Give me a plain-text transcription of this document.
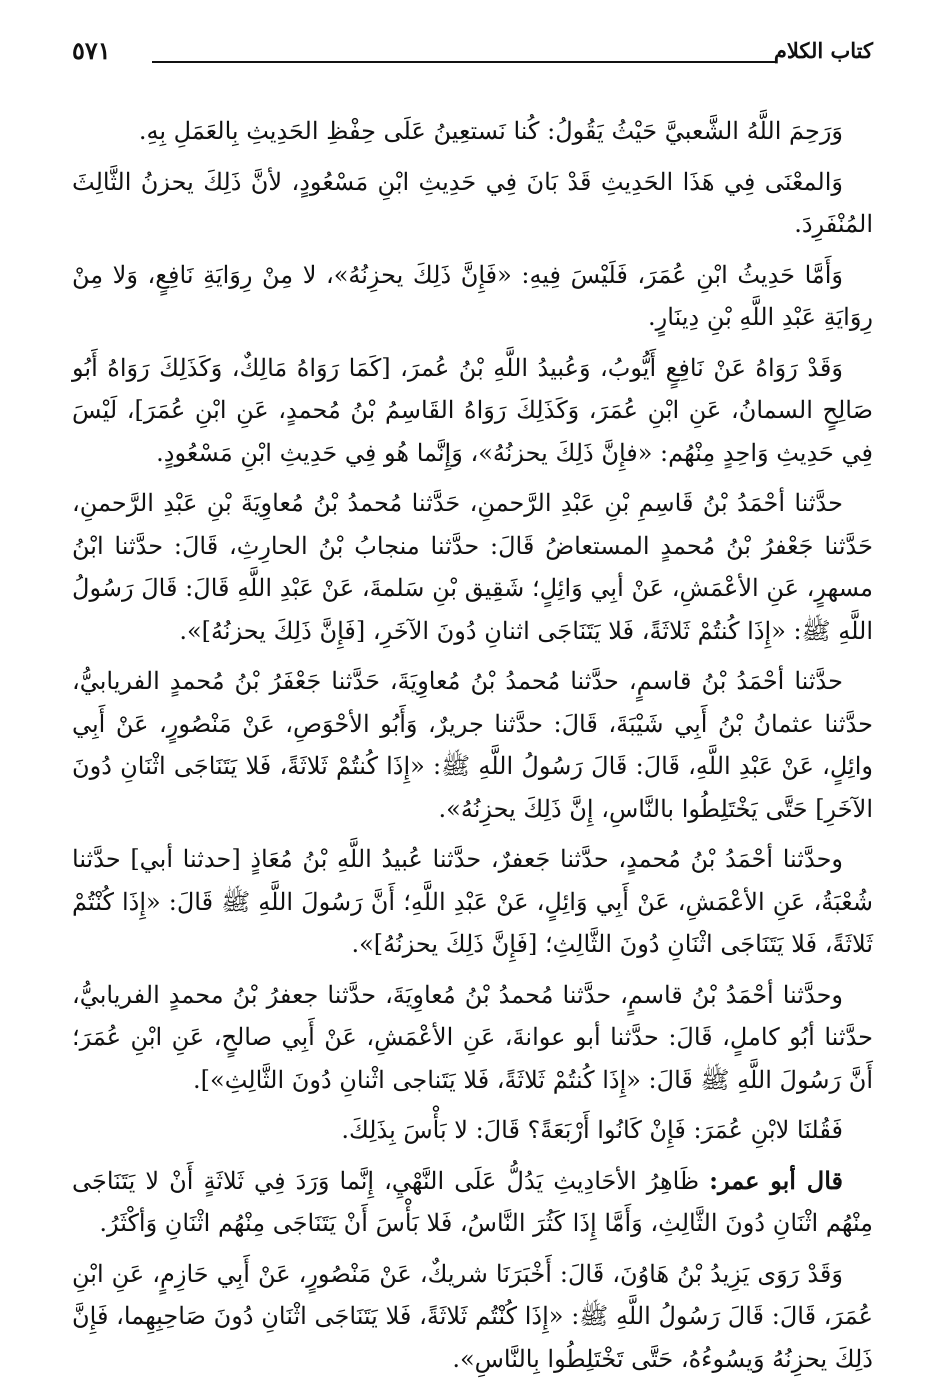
كتاب الكلام
٥٧١

وَرَحِمَ اللَّهُ الشَّعبيَّ حَيْثُ يَقُولُ: كُنا نَستعِينُ عَلَى حِفْظِ الحَدِيثِ بِالعَمَلِ بِهِ.

وَالمعْنَى فِي هَذَا الحَدِيثِ قَدْ بَانَ فِي حَدِيثِ ابْنِ مَسْعُودٍ، لأنَّ ذَلِكَ يحزنُ الثَّالِثَ المُنْفَرِدَ.

وَأَمَّا حَدِيثُ ابْنِ عُمَرَ، فَلَيْسَ فِيهِ: «فَإِنَّ ذَلِكَ يحزِنُهُ»، لا مِنْ رِوَايَةِ نَافِعٍ، وَلا مِنْ رِوَايَةِ عَبْدِ اللَّهِ بْنِ دِينَارٍ.

وَقَدْ رَوَاهُ عَنْ نَافِعٍ أَيُّوبُ، وَعُبيدُ اللَّهِ بْنُ عُمرَ، [كَمَا رَوَاهُ مَالِكٌ، وَكَذَلِكَ رَوَاهُ أَبُو صَالِحٍ السمانُ، عَنِ ابْنِ عُمَرَ، وَكَذَلِكَ رَوَاهُ القَاسِمُ بْنُ مُحمدٍ، عَنِ ابْنِ عُمَرَ]، لَيْسَ فِي حَدِيثِ وَاحِدٍ مِنْهُم: «فإِنَّ ذَلِكَ يحزنُهُ»، وَإِنَّما هُو فِي حَدِيثِ ابْنِ مَسْعُودٍ.

حدَّثنا أحْمَدُ بْنُ قَاسِمِ بْنِ عَبْدِ الرَّحمنِ، حَدَّثنا مُحمدُ بْنُ مُعاوِيَةَ بْنِ عَبْدِ الرَّحمنِ، حَدَّثنا جَعْفرُ بْنُ مُحمدٍ المستعاضُ قَالَ: حدَّثنا منجابُ بْنُ الحارِثِ، قَالَ: حدَّثنا ابْنُ مسهرٍ، عَنِ الأعْمَشِ، عَنْ أبِي وَائِلٍ؛ شَقِيق بْنِ سَلمةَ، عَنْ عَبْدِ اللَّهِ قَالَ: قَالَ رَسُولُ اللَّهِ ﷺ: «إِذَا كُنتُمْ ثَلاثَةً، فَلا يَتَنَاجَى اثنانِ دُونَ الآخَرِ، [فَإِنَّ ذَلِكَ يحزنُهُ]».

حدَّثنا أحْمَدُ بْنُ قاسمٍ، حدَّثنا مُحمدُ بْنُ مُعاوِيَةَ، حَدَّثنا جَعْفَرُ بْنُ مُحمدٍ الفريابيُّ، حدَّثنا عثمانُ بْنُ أَبِي شَيْبَةَ، قَالَ: حدَّثنا جريرٌ، وَأَبُو الأحْوَصِ، عَنْ مَنْصُورٍ، عَنْ أَبِي وائِلٍ، عَنْ عَبْدِ اللَّهِ، قَالَ: قَالَ رَسُولُ اللَّهِ ﷺ: «إِذَا كُنتُمْ ثَلاثَةً، فَلا يَتَنَاجَى اثْنَانِ دُونَ الآخَرِ] حَتَّى يَخْتَلِطُوا بالنَّاسِ، إِنَّ ذَلِكَ يحزِنُهُ».

وحدَّثنا أحْمَدُ بْنُ مُحمدٍ، حدَّثنا جَعفرٌ، حدَّثنا عُبيدُ اللَّهِ بْنُ مُعَاذٍ [حدثنا أبي] حدَّثنا شُعْبَةُ، عَنِ الأعْمَشِ، عَنْ أَبِي وَائِلٍ، عَنْ عَبْدِ اللَّهِ؛ أَنَّ رَسُولَ اللَّهِ ﷺ قَالَ: «إِذَا كُنْتُمْ ثَلاثَةً، فَلا يَتَنَاجَى اثْنَانِ دُونَ الثَّالِثِ؛ [فَإِنَّ ذَلِكَ يحزنُهُ]».

وحدَّثنا أحْمَدُ بْنُ قاسمٍ، حدَّثنا مُحمدُ بْنُ مُعاوِيَةَ، حدَّثنا جعفرُ بْنُ محمدٍ الفريابيُّ، حدَّثنا أبُو كاملٍ، قَالَ: حدَّثنا أبو عوانةَ، عَنِ الأعْمَشِ، عَنْ أَبِي صالحٍ، عَنِ ابْنِ عُمَرَ؛ أَنَّ رَسُولَ اللَّهِ ﷺ قَالَ: «إِذَا كُنتُمْ ثَلاثَةً، فَلا يَتَناجى اثْنانِ دُونَ الثَّالِثِ»].

فَقُلنَا لابْنِ عُمَرَ: فَإِنْ كَانُوا أَرْبَعَةً؟ قَالَ: لا بَأْسَ بِذَلِكَ.

قال أبو عمر: ظَاهِرُ الأحَادِيثِ يَدُلُّ عَلَى النَّهْيِ، إِنَّما وَرَدَ فِي ثَلاثَةٍ أَنْ لا يَتَنَاجَى مِنْهُم اثْنَانِ دُونَ الثَّالِثِ، وَأَمَّا إِذَا كَثُرَ النَّاسُ، فَلا بَأْسَ أَنْ يَتَنَاجَى مِنْهُم اثْنَانِ وَأكْثَرُ.

وَقَدْ رَوَى يَزِيدُ بْنُ هَاوُنَ، قَالَ: أَخْبَرَنَا شريكٌ، عَنْ مَنْصُورٍ، عَنْ أَبِي حَازِمٍ، عَنِ ابْنِ عُمَرَ، قَالَ: قَالَ رَسُولُ اللَّهِ ﷺ: «إِذَا كُنْتُم ثَلاثَةً، فَلا يَتَنَاجَى اثْنَانِ دُونَ صَاحِبِهِما، فَإِنَّ ذَلِكَ يحزِنُهُ وَيسُوءُهُ، حَتَّى تَخْتَلِطُوا بِالنَّاسِ».
